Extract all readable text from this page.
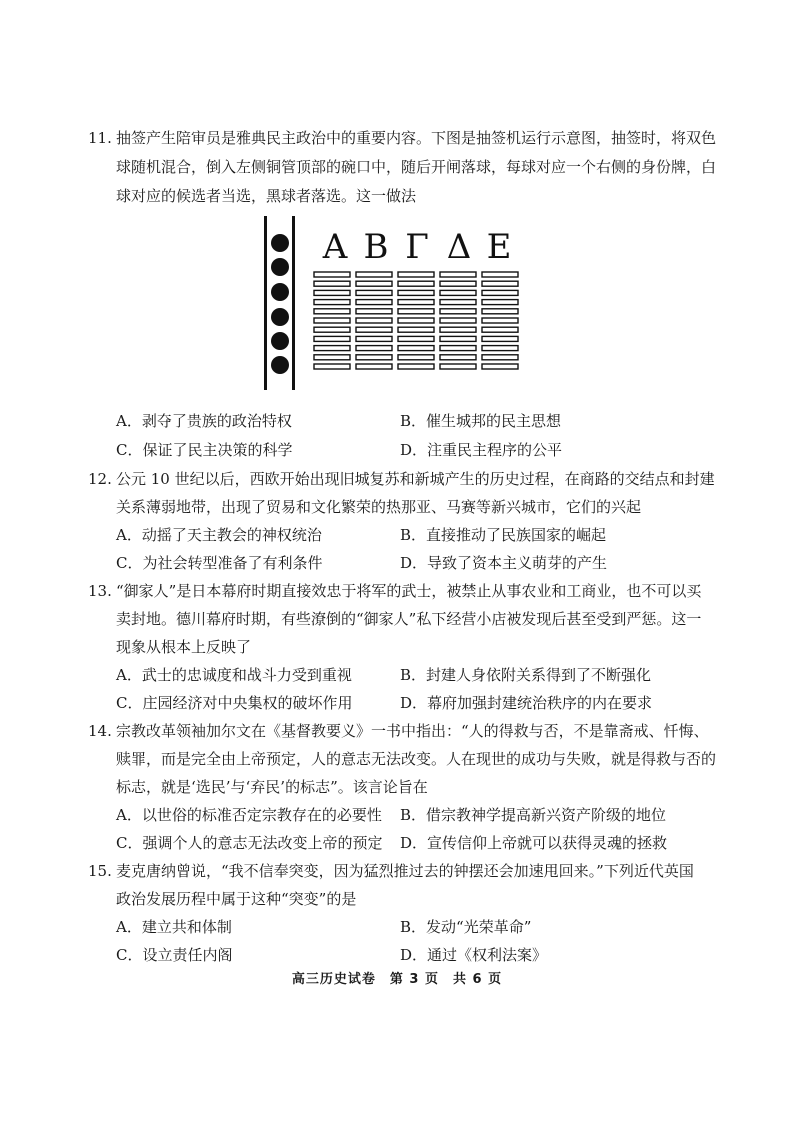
11. 抽签产生陪审员是雅典民主政治中的重要内容。下图是抽签机运行示意图，抽签时，将双色
球随机混合，倒入左侧铜管顶部的碗口中，随后开闸落球，每球对应一个右侧的身份牌，白
球对应的候选者当选，黑球者落选。这一做法
Α Β Γ Δ Ε
A．剥夺了贵族的政治特权	B．催生城邦的民主思想
C．保证了民主决策的科学	D．注重民主程序的公平
12. 公元 10 世纪以后，西欧开始出现旧城复苏和新城产生的历史过程，在商路的交结点和封建
关系薄弱地带，出现了贸易和文化繁荣的热那亚、马赛等新兴城市，它们的兴起
A．动摇了天主教会的神权统治	B．直接推动了民族国家的崛起
C．为社会转型准备了有利条件	D．导致了资本主义萌芽的产生
13. “御家人”是日本幕府时期直接效忠于将军的武士，被禁止从事农业和工商业，也不可以买
卖封地。德川幕府时期，有些潦倒的“御家人”私下经营小店被发现后甚至受到严惩。这一
现象从根本上反映了
A．武士的忠诚度和战斗力受到重视	B．封建人身依附关系得到了不断强化
C．庄园经济对中央集权的破坏作用	D．幕府加强封建统治秩序的内在要求
14. 宗教改革领袖加尔文在《基督教要义》一书中指出：“人的得救与否，不是靠斋戒、忏悔、
赎罪，而是完全由上帝预定，人的意志无法改变。人在现世的成功与失败，就是得救与否的
标志，就是‘选民’与‘弃民’的标志”。该言论旨在
A．以世俗的标准否定宗教存在的必要性 B．借宗教神学提高新兴资产阶级的地位
C．强调个人的意志无法改变上帝的预定 D．宣传信仰上帝就可以获得灵魂的拯救
15. 麦克唐纳曾说，“我不信奉突变，因为猛烈推过去的钟摆还会加速甩回来。”下列近代英国
政治发展历程中属于这种“突变”的是
A．建立共和体制	B．发动“光荣革命”
C．设立责任内阁	D．通过《权利法案》
高三历史试卷　第 3 页　共 6 页
